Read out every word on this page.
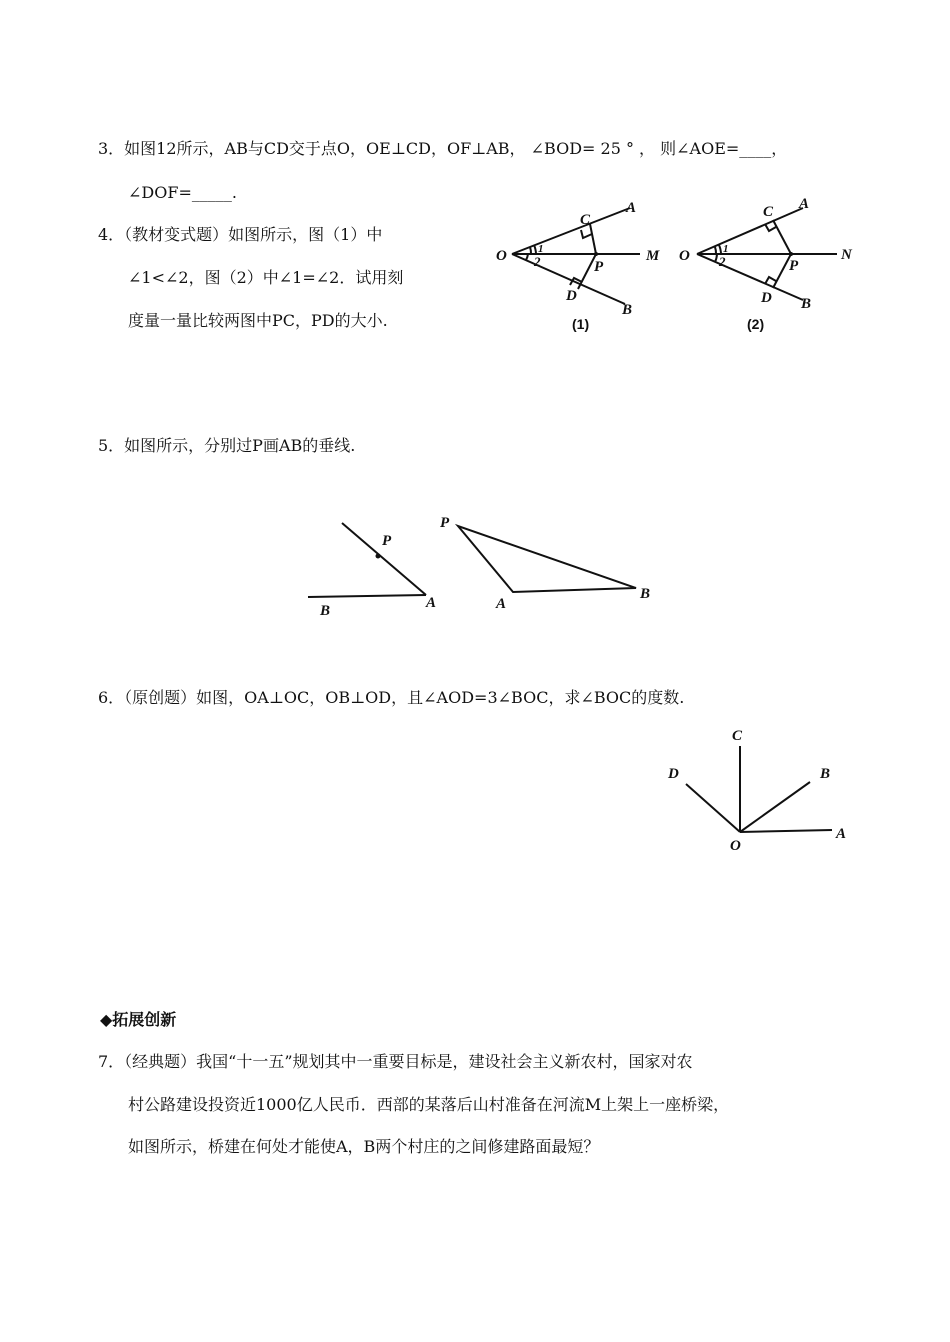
3．如图12所示，AB与CD交于点O，OE⊥CD，OF⊥AB， ∠BOD= 25 ° ， 则∠AOE=____，
∠DOF=_____.
4．（教材变式题）如图所示，图（1）中
∠1<∠2，图（2）中∠1=∠2．试用刻
度量一量比较两图中PC，PD的大小.
O
C
A
M
P
D
B
1
2
(1)
O
C A
N
P
D B
1
2
(2)
5．如图所示，分别过P画AB的垂线.
P
B	A
P
A
B
6．（原创题）如图，OA⊥OC，OB⊥OD，且∠AOD=3∠BOC，求∠BOC的度数.
C
D	B
O
A
◆拓展创新
7．（经典题）我国“十一五”规划其中一重要目标是，建设社会主义新农村，国家对农
村公路建设投资近1000亿人民币．西部的某落后山村准备在河流M上架上一座桥梁，
如图所示，桥建在何处才能使A，B两个村庄的之间修建路面最短？
